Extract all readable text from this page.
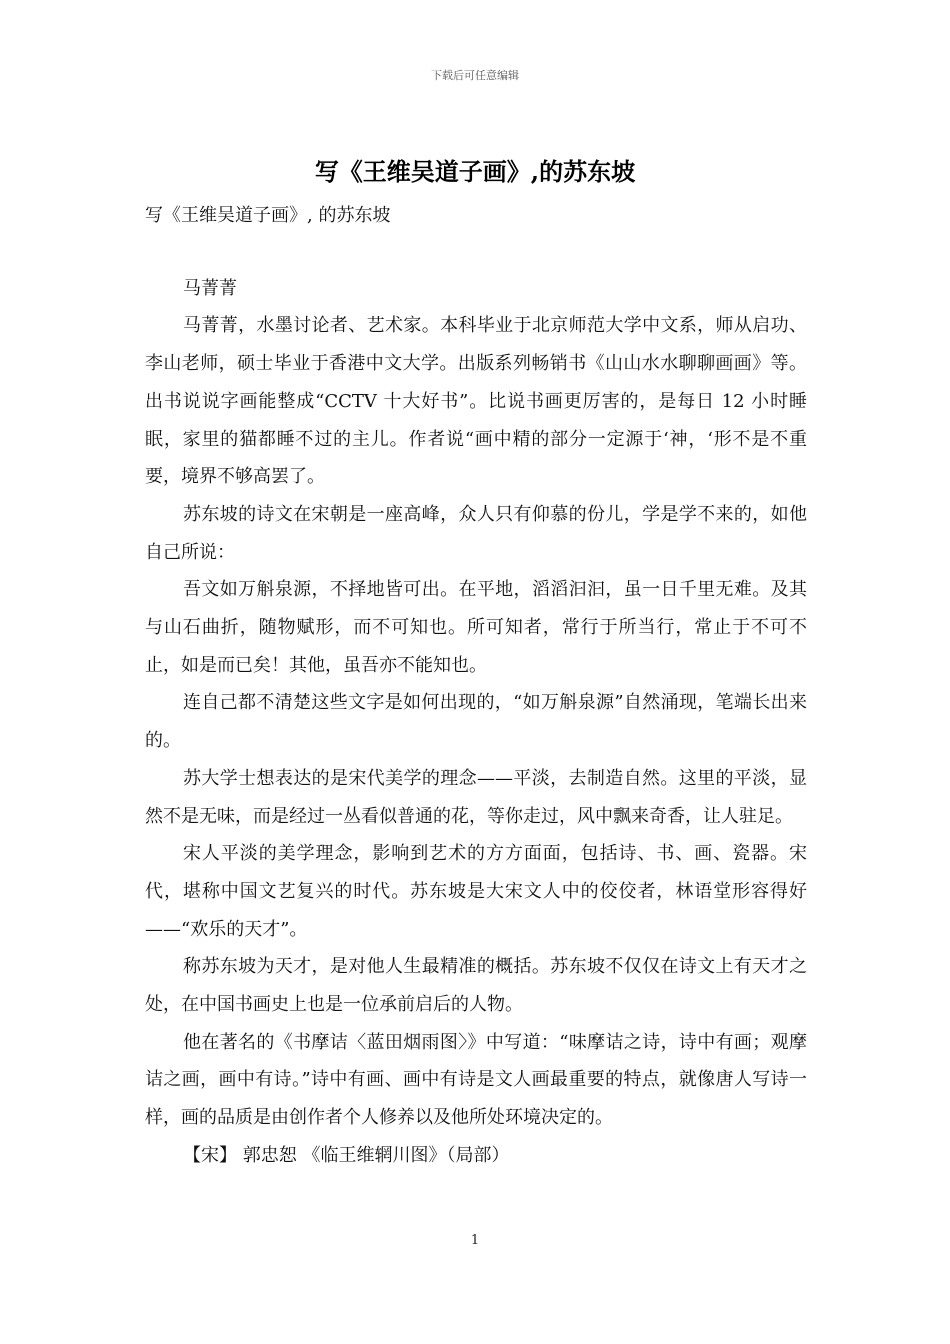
下载后可任意编辑
写《王维吴道子画》,的苏东坡

写《王维吴道子画》, 的苏东坡

马菁菁

马菁菁，水墨讨论者、艺术家。本科毕业于北京师范大学中文系，师从启功、李山老师，硕士毕业于香港中文大学。出版系列畅销书《山山水水聊聊画画》等。出书说说字画能整成“CCTV 十大好书”。比说书画更厉害的，是每日 12 小时睡眠，家里的猫都睡不过的主儿。作者说“画中精的部分一定源于‘神，‘形不是不重要，境界不够高罢了。

苏东坡的诗文在宋朝是一座高峰，众人只有仰慕的份儿，学是学不来的，如他自己所说：

吾文如万斛泉源，不择地皆可出。在平地，滔滔汩汩，虽一日千里无难。及其与山石曲折，随物赋形，而不可知也。所可知者，常行于所当行，常止于不可不止，如是而已矣！其他，虽吾亦不能知也。

连自己都不清楚这些文字是如何出现的，“如万斛泉源”自然涌现，笔端长出来的。

苏大学士想表达的是宋代美学的理念——平淡，去制造自然。这里的平淡，显然不是无味，而是经过一丛看似普通的花，等你走过，风中飘来奇香，让人驻足。

宋人平淡的美学理念，影响到艺术的方方面面，包括诗、书、画、瓷器。宋代，堪称中国文艺复兴的时代。苏东坡是大宋文人中的佼佼者，林语堂形容得好——“欢乐的天才”。

称苏东坡为天才，是对他人生最精准的概括。苏东坡不仅仅在诗文上有天才之处，在中国书画史上也是一位承前启后的人物。

他在著名的《书摩诘〈蓝田烟雨图〉》中写道：“味摩诘之诗，诗中有画；观摩诘之画，画中有诗。”诗中有画、画中有诗是文人画最重要的特点，就像唐人写诗一样，画的品质是由创作者个人修养以及他所处环境决定的。

【宋】 郭忠恕 《临王维辋川图》（局部）

1
